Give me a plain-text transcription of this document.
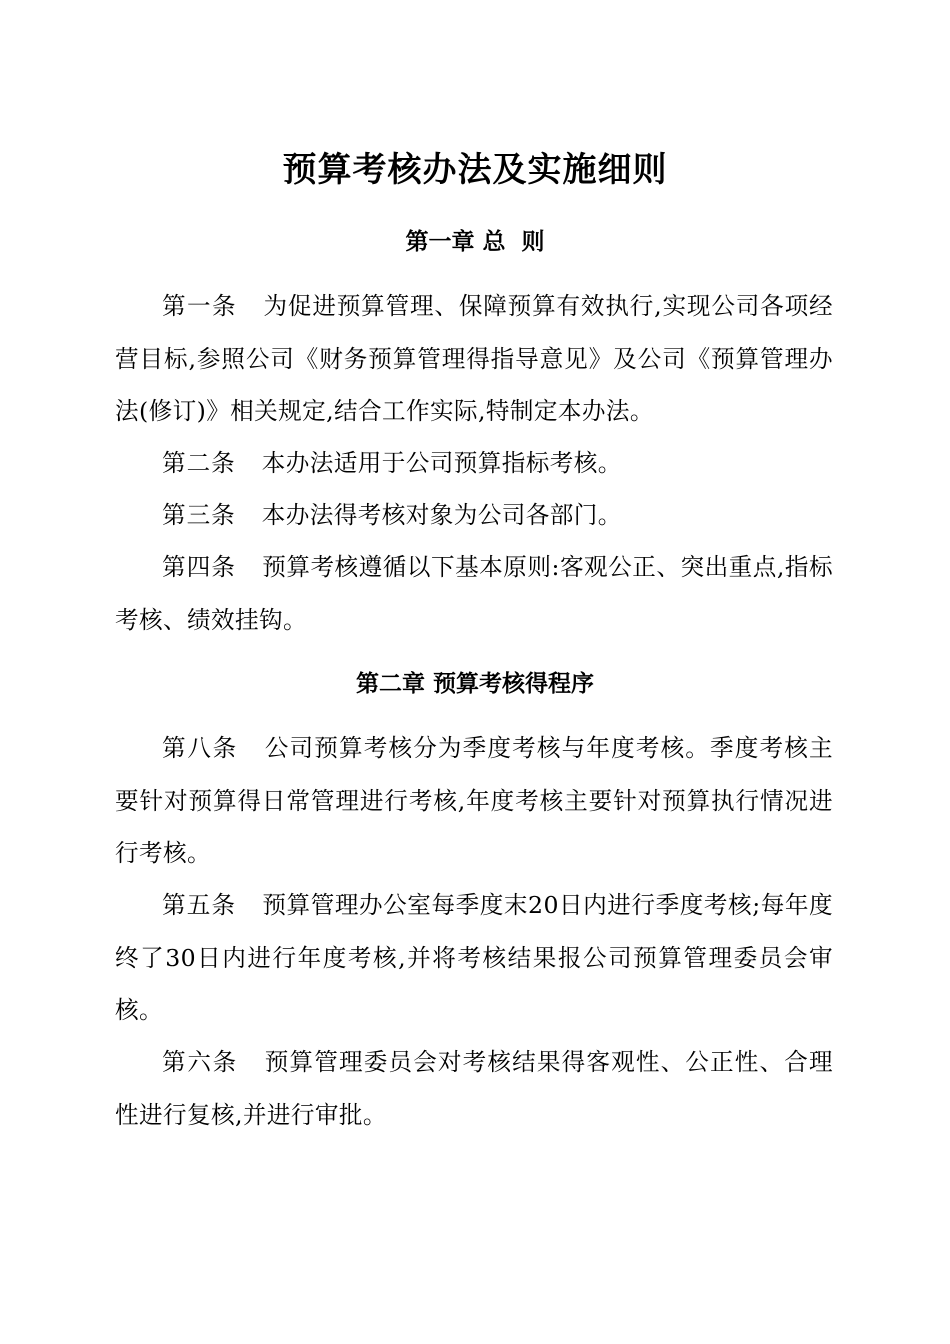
预算考核办法及实施细则
第一章 总  则

第一条 为促进预算管理、保障预算有效执行,实现公司各项经营目标,参照公司《财务预算管理得指导意见》及公司《预算管理办法(修订)》相关规定,结合工作实际,特制定本办法。

第二条 本办法适用于公司预算指标考核。

第三条 本办法得考核对象为公司各部门。

第四条 预算考核遵循以下基本原则:客观公正、突出重点,指标考核、绩效挂钩。

第二章 预算考核得程序

第八条 公司预算考核分为季度考核与年度考核。季度考核主要针对预算得日常管理进行考核,年度考核主要针对预算执行情况进行考核。

第五条 预算管理办公室每季度末20日内进行季度考核;每年度终了30日内进行年度考核,并将考核结果报公司预算管理委员会审核。

第六条 预算管理委员会对考核结果得客观性、公正性、合理性进行复核,并进行审批。
